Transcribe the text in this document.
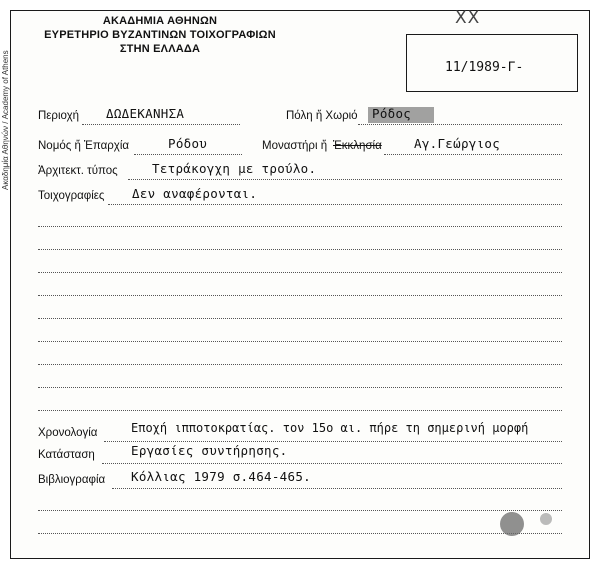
Ακαδημία Αθηνών / Academy of Athens
ΑΚΑΔΗΜΙΑ ΑΘΗΝΩΝ
ΕΥΡΕΤΗΡΙΟ ΒΥΖΑΝΤΙΝΩΝ ΤΟΙΧΟΓΡΑΦΙΩΝ
ΣΤΗΝ ΕΛΛΑΔΑ
XX
11/1989-Γ-
Περιοχή ΔΩΔΕΚΑΝΗΣΑ	Πόλη ἤ Χωριό Ρόδος
Νομός ἤ Ἐπαρχία	Ρόδου	Μοναστήρι ἤ Ἐκκλησία	Αγ.Γεώργιος
Ἀρχιτεκτ. τύπος	Τετράκογχη με τρούλο.
Τοιχογραφίες Δεν αναφέρονται.
Χρονολογία	Εποχή ιπποτοκρατίας. τον 15ο αι. πήρε τη σημερινή μορφή
Κατάσταση	Εργασίες συντήρησης.
Βιβλιογραφία Κόλλιας 1979 σ.464-465.
